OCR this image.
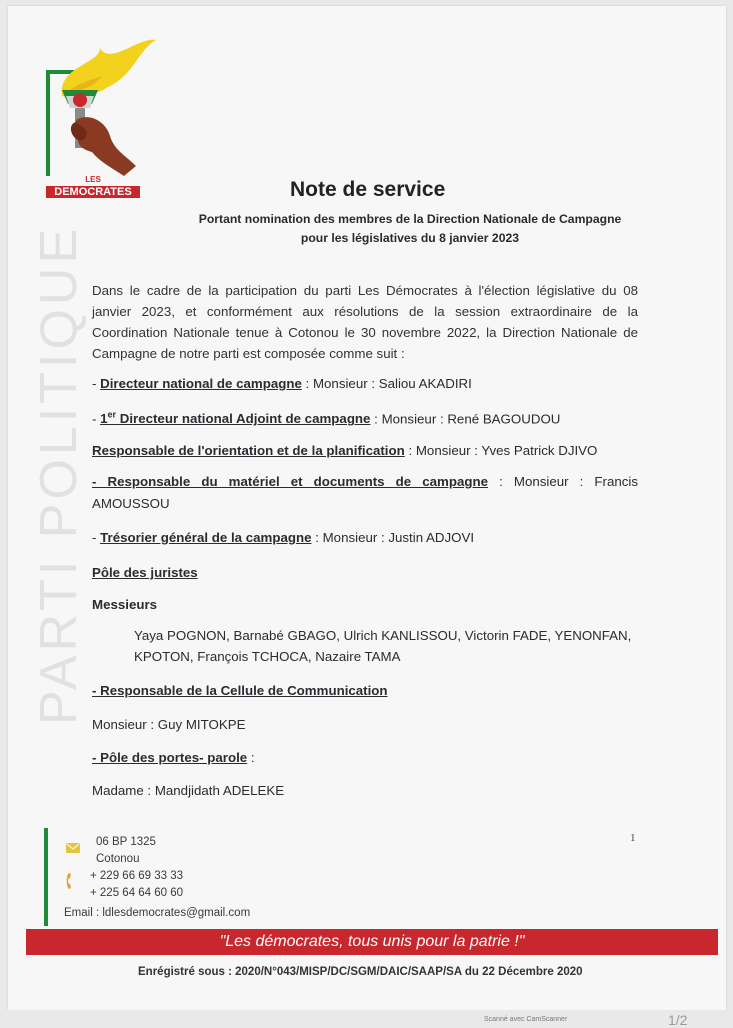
LES
DEMOCRATES
PARTI POLITIQUE
Note de service
Portant nomination des membres de la Direction Nationale de Campagne
pour les législatives du 8 janvier 2023
Dans le cadre de la participation du parti Les Démocrates à l'élection législative du 08 janvier 2023, et conformément aux résolutions de la session extraordinaire de la Coordination Nationale tenue à Cotonou le 30 novembre 2022, la Direction Nationale de Campagne de notre parti est composée comme suit :
- Directeur national de campagne : Monsieur : Saliou AKADIRI
- 1er Directeur national Adjoint de campagne : Monsieur : René BAGOUDOU
Responsable de l'orientation et de la planification : Monsieur : Yves Patrick DJIVO
- Responsable du matériel et documents de campagne : Monsieur : Francis
AMOUSSOU
- Trésorier général de la campagne : Monsieur : Justin ADJOVI
Pôle des juristes
Messieurs
Yaya POGNON, Barnabé GBAGO, Ulrich KANLISSOU, Victorin FADE, YENONFAN,
KPOTON, François TCHOCA, Nazaire TAMA
- Responsable de la Cellule de Communication
Monsieur : Guy MITOKPE
- Pôle des portes- parole :
Madame : Mandjidath ADELEKE
1
06 BP 1325
Cotonou
+ 229 66 69 33 33
+ 225 64 64 60 60
Email : ldlesdemocrates@gmail.com
"Les démocrates, tous unis pour la patrie !"
Enrégistré sous : 2020/N°043/MISP/DC/SGM/DAIC/SAAP/SA du 22 Décembre 2020
Scanné avec CamScanner	1/2
